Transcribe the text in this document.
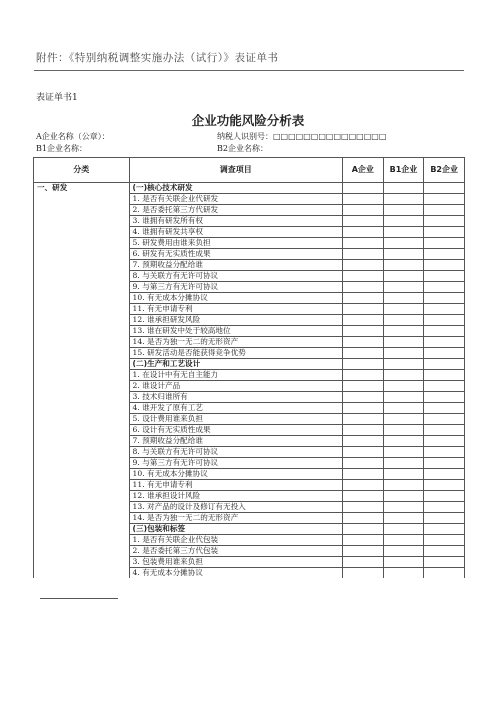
附件：《特别纳税调整实施办法（试行）》表证单书
表证单书1
企业功能风险分析表
A企业名称（公章）：	纳税人识别号：□□□□□□□□□□□□□□□
B1企业名称：	B2企业名称：
分类	调查项目	A企业	B1企业	B2企业
一、研发	(一)核心技术研发			
	1. 是否有关联企业代研发			
	2. 是否委托第三方代研发			
	3. 谁拥有研发所有权			
	4. 谁拥有研发共享权			
	5. 研发费用由谁来负担			
	6. 研发有无实质性成果			
	7. 预期收益分配给谁			
	8. 与关联方有无许可协议			
	9. 与第三方有无许可协议			
	10. 有无成本分摊协议			
	11. 有无申请专利			
	12. 谁承担研发风险			
	13. 谁在研发中处于较高地位			
	14. 是否为独一无二的无形资产			
	15. 研发活动是否能获得竞争优势			
	(二)生产和工艺设计			
	1. 在设计中有无自主能力			
	2. 谁设计产品			
	3. 技术归谁所有			
	4. 谁开发了原有工艺			
	5. 设计费用谁来负担			
	6. 设计有无实质性成果			
	7. 预期收益分配给谁			
	8. 与关联方有无许可协议			
	9. 与第三方有无许可协议			
	10. 有无成本分摊协议			
	11. 有无申请专利			
	12. 谁承担设计风险			
	13. 对产品的设计及修订有无投入			
	14. 是否为独一无二的无形资产			
	(三)包装和标签			
	1. 是否有关联企业代包装			
	2. 是否委托第三方代包装			
	3. 包装费用谁来负担			
	4. 有无成本分摊协议			
